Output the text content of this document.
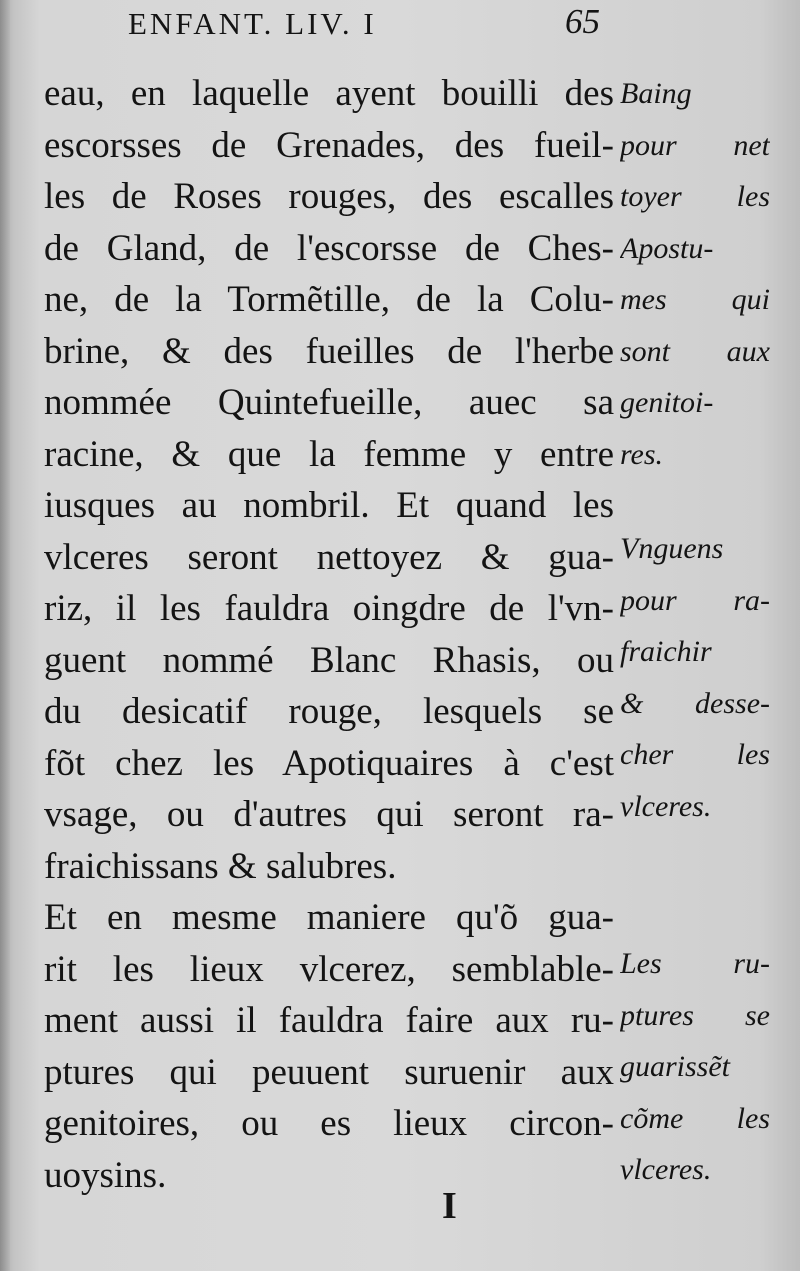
ENFANT. LIV. I	65
eau, en laquelle ayent bouilli des
escorsses de Grenades, des fueil-
les de Roses rouges, des escalles
de Gland, de l'escorsse de Ches-
ne, de la Tormẽtille, de la Colu-
brine, & des fueilles de l'herbe
nommée Quintefueille, auec sa
racine, & que la femme y entre
iusques au nombril. Et quand les
vlceres seront nettoyez & gua-
riz, il les fauldra oingdre de l'vn-
guent nommé Blanc Rhasis, ou
du desicatif rouge, lesquels se
fõt chez les Apotiquaires à c'est
vsage, ou d'autres qui seront ra-
fraichissans & salubres.
Et en mesme maniere qu'õ gua-
rit les lieux vlcerez, semblable-
ment aussi il fauldra faire aux ru-
ptures qui peuuent suruenir aux
genitoires, ou es lieux circon-
uoysins.
Baing
pour net
toyer les
Apostu-
mes qui
sont aux
genitoi-
res.
Vnguens
pour ra-
fraichir
& desse-
cher les
vlceres.
Les ru-
ptures se
guarissẽt
cõme les
vlceres.
I
